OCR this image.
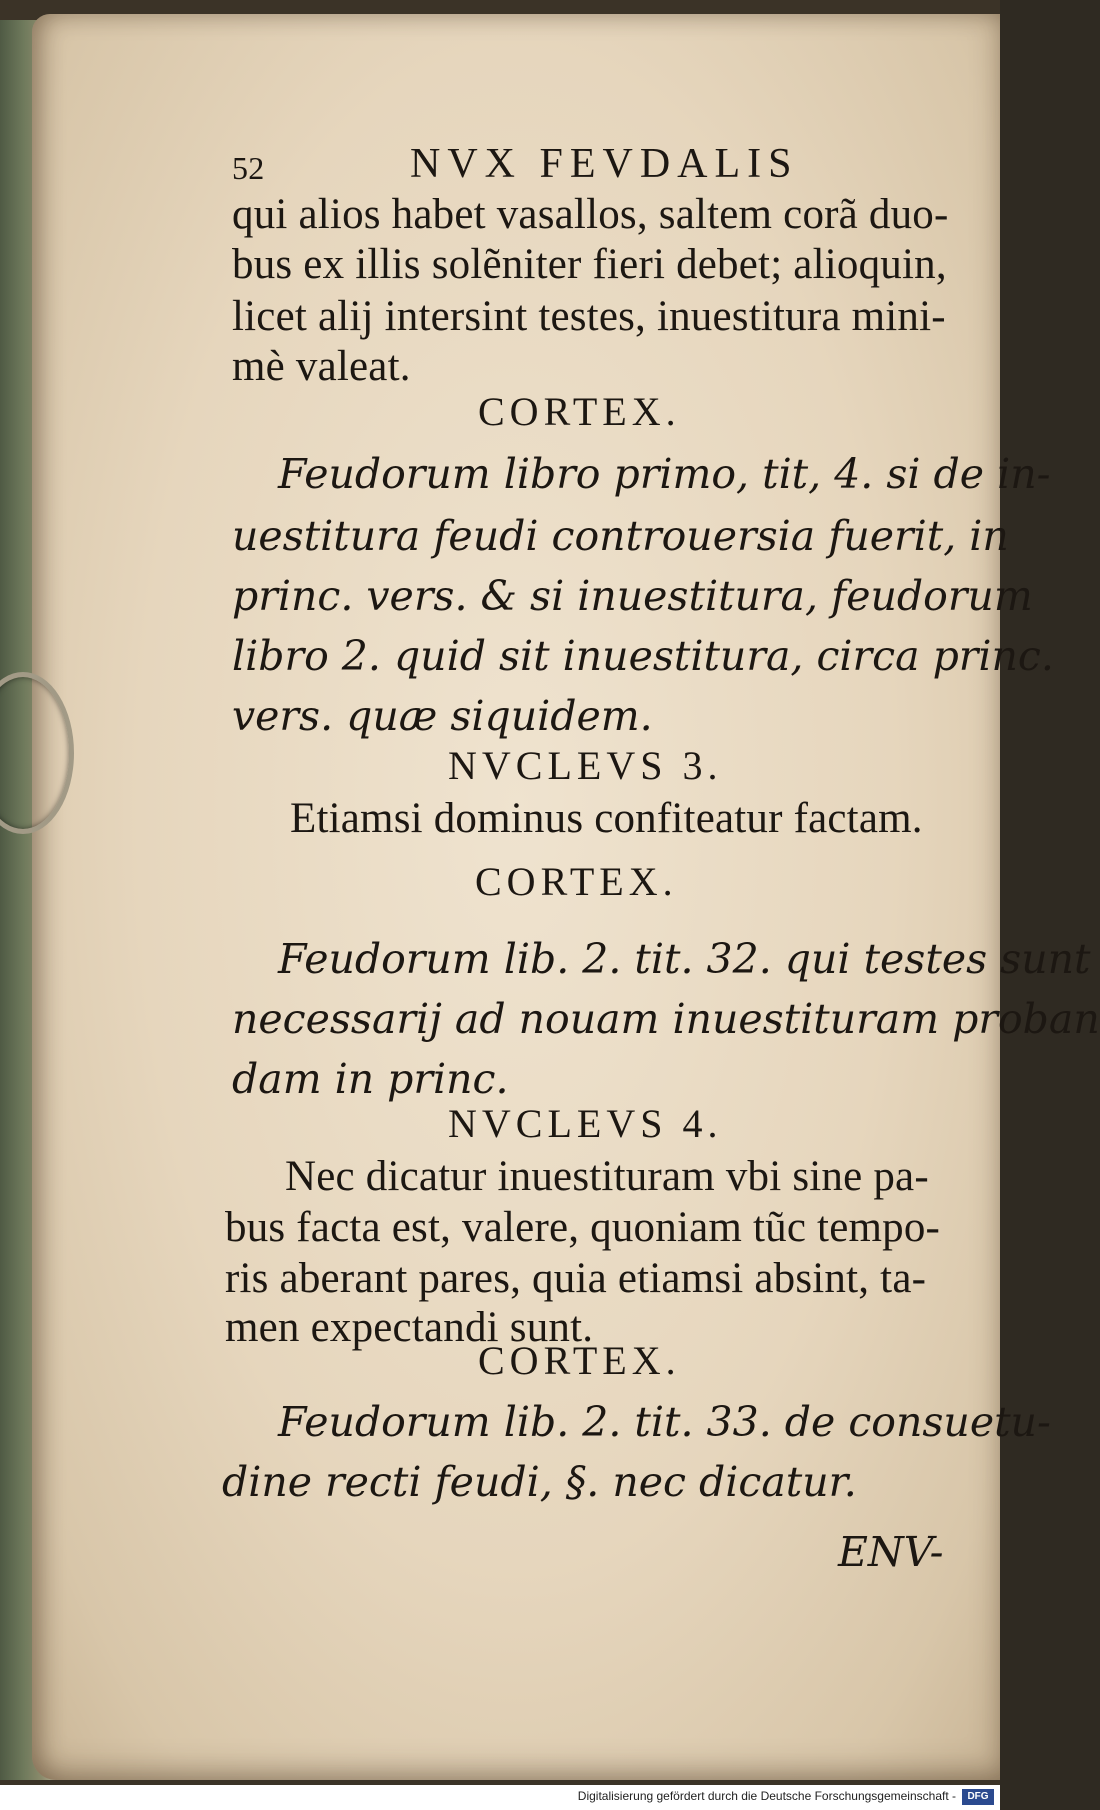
52	NVX FEVDALIS
qui alios habet vasallos, saltem corã duo-
bus ex illis solẽniter fieri debet; alioquin,
licet alij intersint testes, inuestitura mini-
mè valeat.
CORTEX.
Feudorum libro primo, tit, 4. si de in-
uestitura feudi controuersia fuerit, in
princ. vers. & si inuestitura, feudorum
libro 2. quid sit inuestitura, circa princ.
vers. quæ siquidem.
NVCLEVS 3.
Etiamsi dominus confiteatur factam.
CORTEX.
Feudorum lib. 2. tit. 32. qui testes sunt
necessarij ad nouam inuestituram proban
dam in princ.
NVCLEVS 4.
Nec dicatur inuestituram vbi sine pa-
bus facta est, valere, quoniam tũc tempo-
ris aberant pares, quia etiamsi absint, ta-
men expectandi sunt.
CORTEX.
Feudorum lib. 2. tit. 33. de consuetu-
dine recti feudi, §. nec dicatur.
ENV-
Digitalisierung gefördert durch die Deutsche Forschungsgemeinschaft -	DFG
